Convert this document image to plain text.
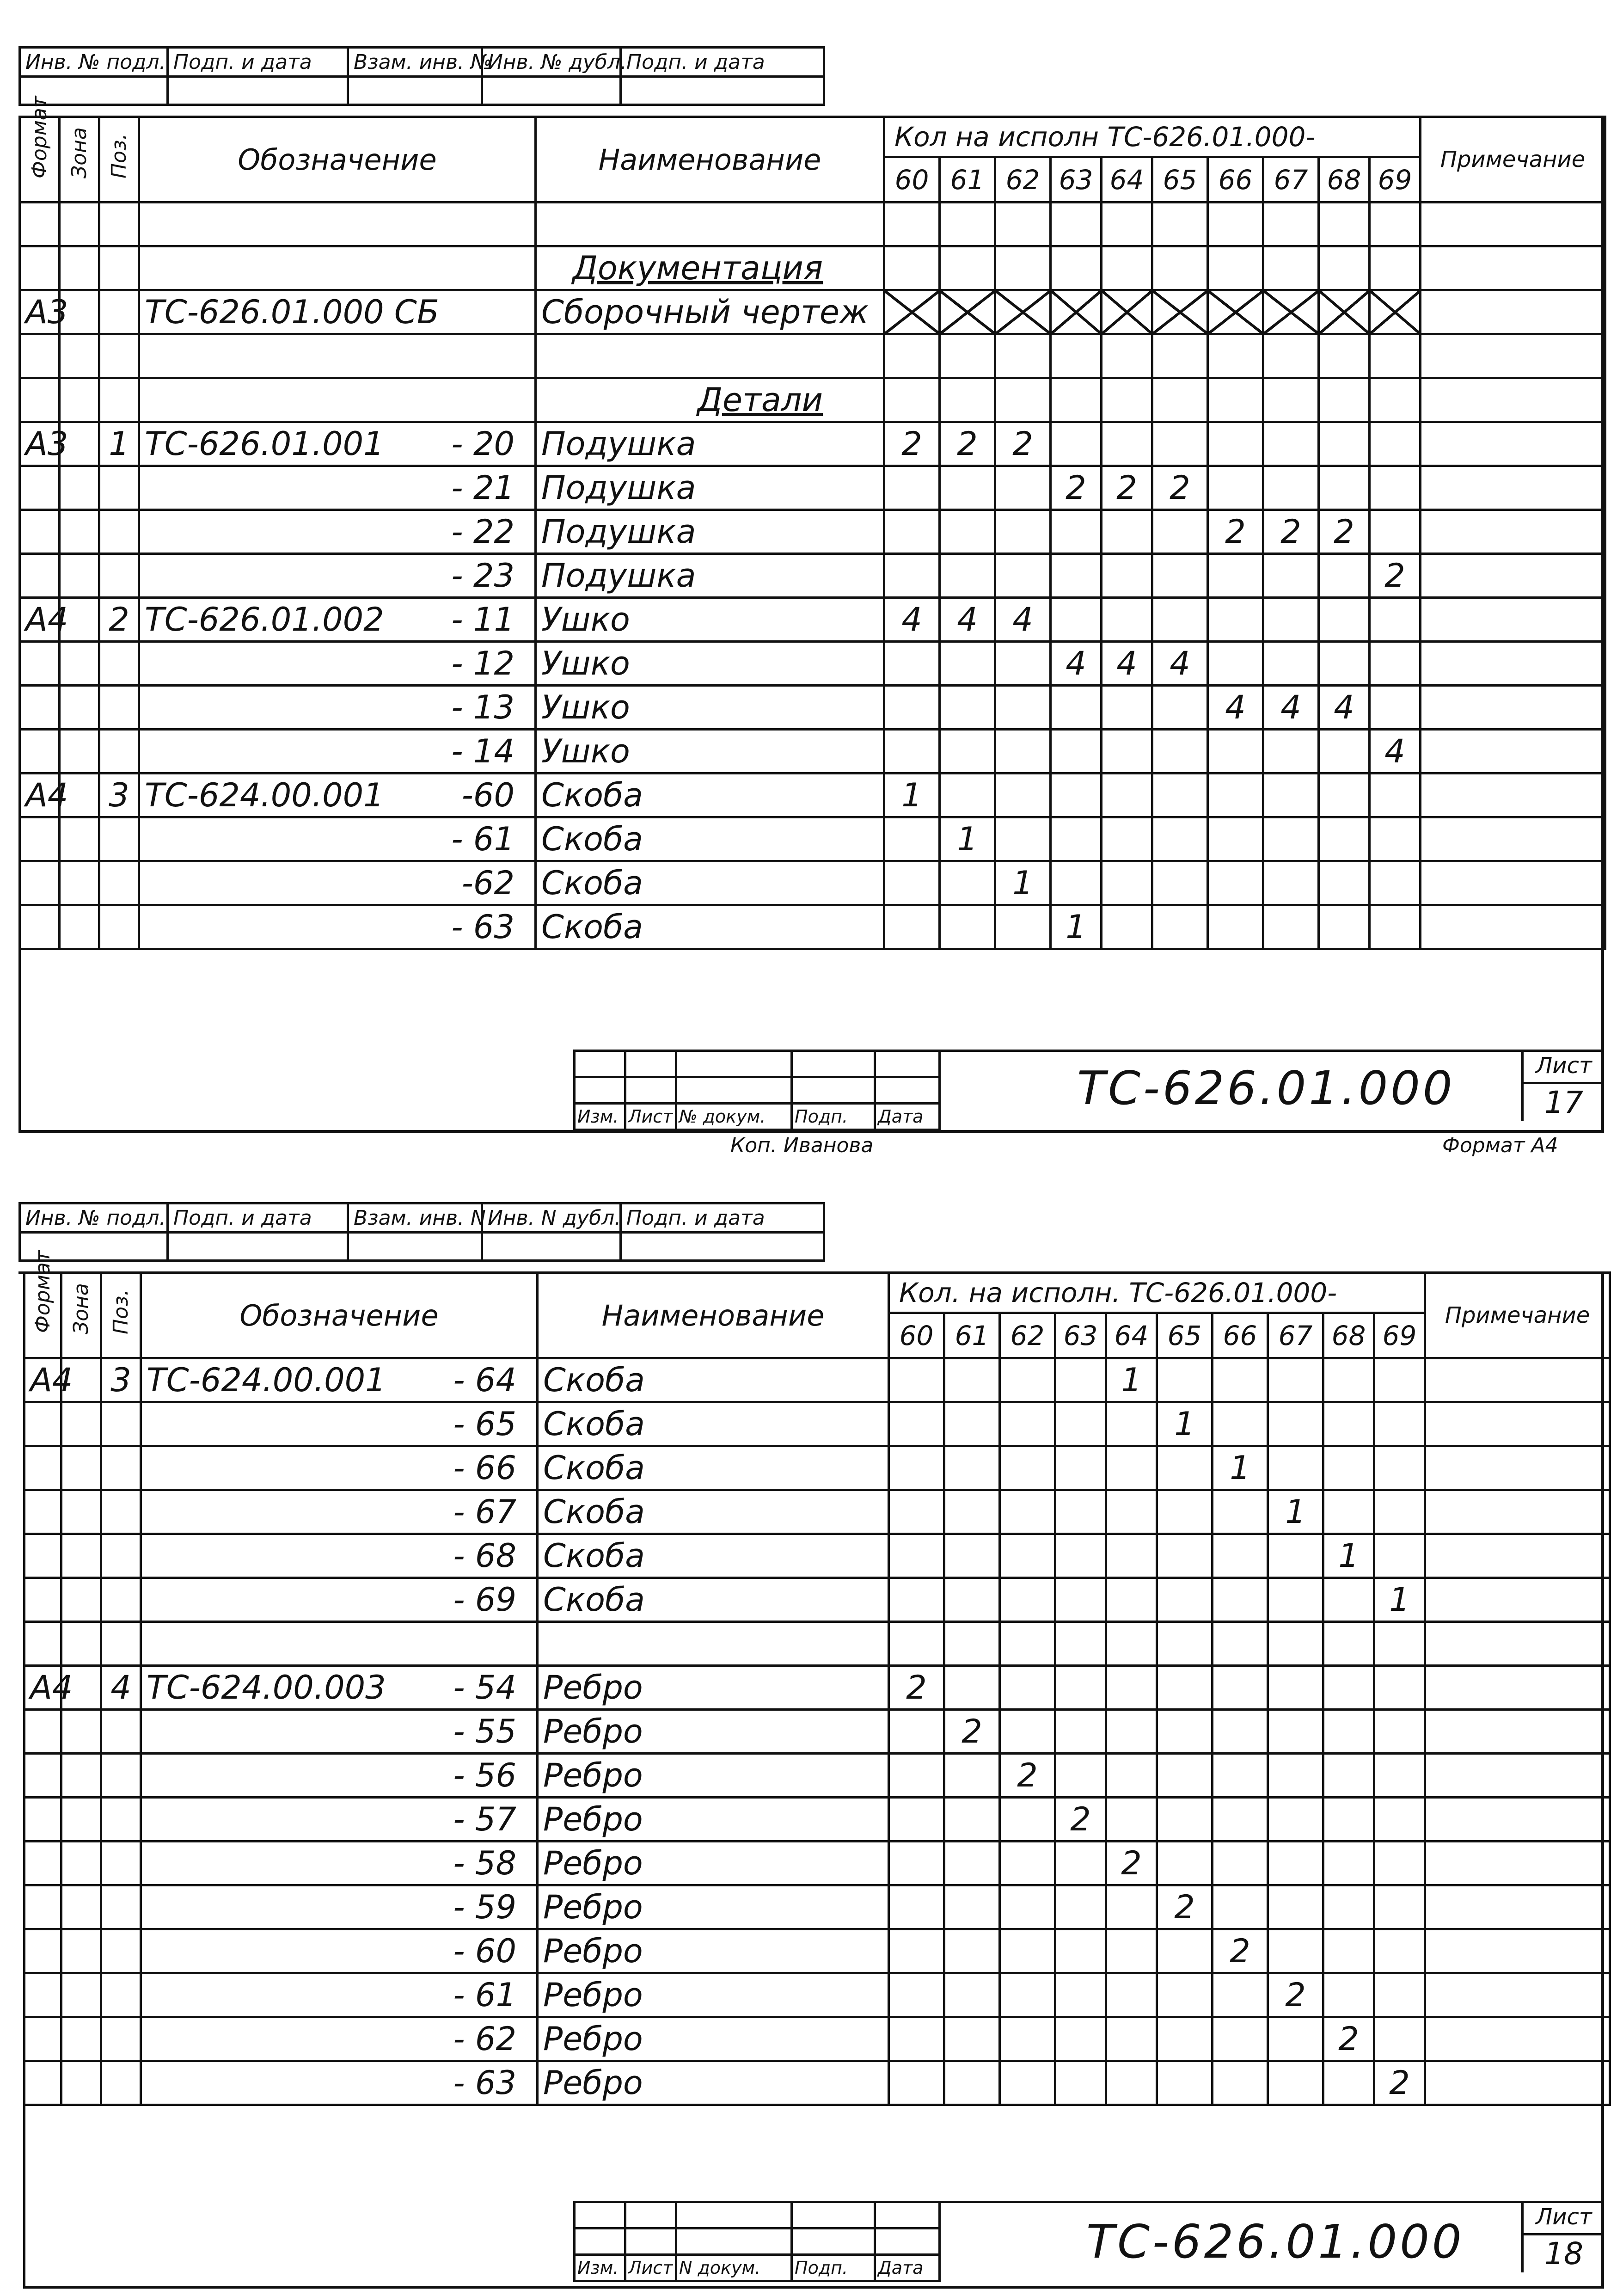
Инв. № подл.	Подп. и дата	Взам. инв. №	Инв. № дубл.	Подп. и дата

Формат	Зона	Поз.	Обозначение	Наименование	Кол на исполн ТС-626.01.000-										Примечание
					60	61	62	63	64	65	66	67	68	69	

				Документация											
А3			ТС-626.01.000 СБ	Сборочный чертеж											

				Детали											
А3		1	ТС-626.01.001 - 20	Подушка	2	2	2								
			- 21	Подушка				2	2	2					
			- 22	Подушка							2	2	2		
			- 23	Подушка										2	
А4		2	ТС-626.01.002 - 11	Ушко	4	4	4								
			- 12	Ушко				4	4	4					
			- 13	Ушко							4	4	4		
			- 14	Ушко										4	
А4		3	ТС-624.00.001 -60	Скоба	1										
			- 61	Скоба		1									
			-62	Скоба			1								
			- 63	Скоба				1							

Изм.	Лист	№ докум.	Подп.	Дата
ТС-626.01.000	Лист
17
Коп. Иванова	Формат А4
Инв. № подл.	Подп. и дата	Взам. инв. N	Инв. N дубл.	Подп. и дата

Формат	Зона	Поз.	Обозначение	Наименование	Кол. на исполн. ТС-626.01.000-										Примечание
					60	61	62	63	64	65	66	67	68	69	
А4		3	ТС-624.00.001 - 64	Скоба					1						
			- 65	Скоба						1					
			- 66	Скоба							1				
			- 67	Скоба								1			
			- 68	Скоба									1		
			- 69	Скоба										1	

А4		4	ТС-624.00.003 - 54	Ребро	2										
			- 55	Ребро		2									
			- 56	Ребро			2								
			- 57	Ребро				2							
			- 58	Ребро					2						
			- 59	Ребро						2					
			- 60	Ребро							2				
			- 61	Ребро								2			
			- 62	Ребро									2		
			- 63	Ребро										2	

Изм.	Лист	N докум.	Подп.	Дата	ТС-626.01.000	Лист
18
